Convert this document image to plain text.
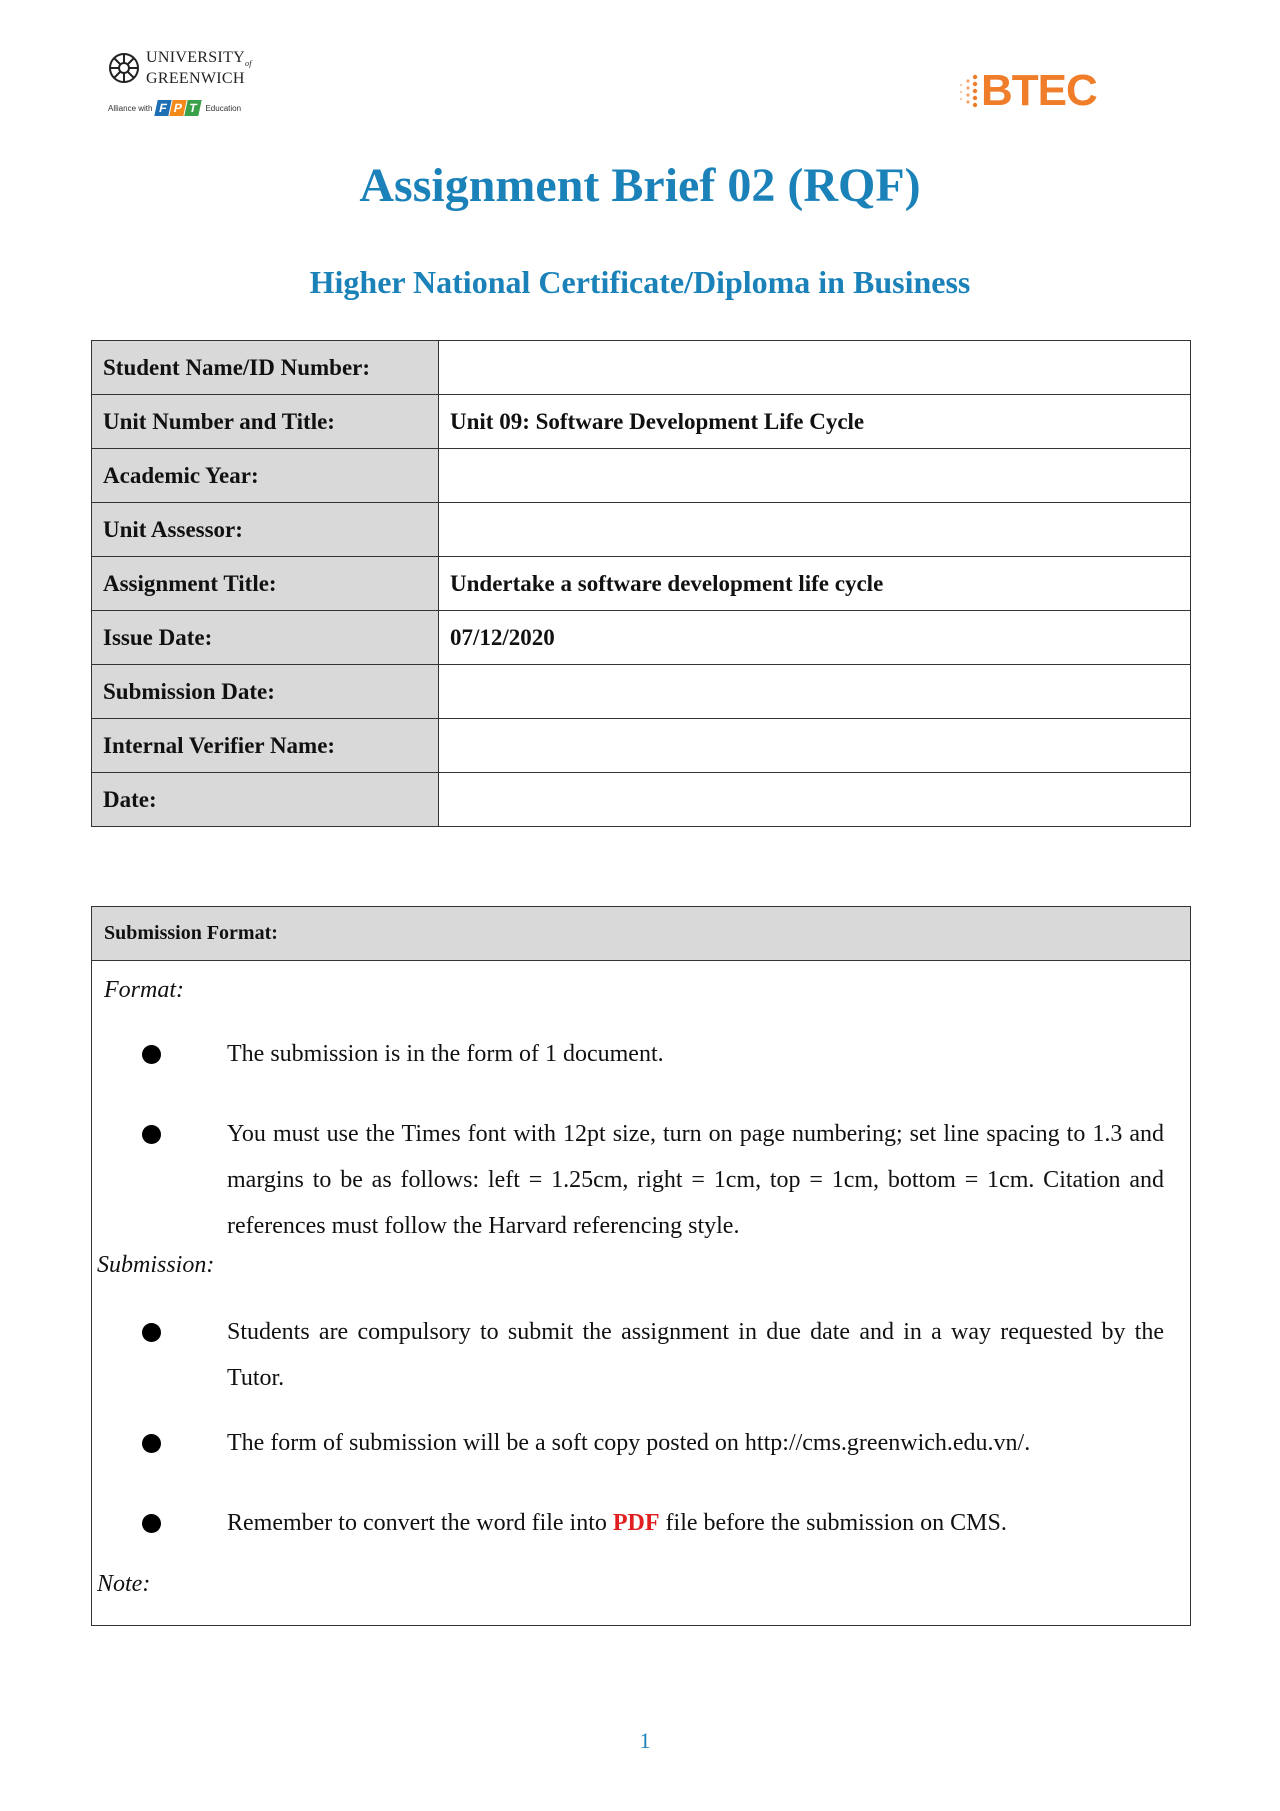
$UNIVERSITY_{of}$
GREENWICH
Alliance with F P T Education	BTEC
Assignment Brief 02 (RQF)
Higher National Certificate/Diploma in Business
Student Name/ID Number:	
Unit Number and Title:	Unit 09: Software Development Life Cycle
Academic Year:	
Unit Assessor:	
Assignment Title:	Undertake a software development life cycle
Issue Date:	07/12/2020
Submission Date:	
Internal Verifier Name:	
Date:	
Submission Format:
Format:
The submission is in the form of 1 document.
You must use the Times font with 12pt size, turn on page numbering; set line spacing to 1.3 and margins to be as follows: left = 1.25cm, right = 1cm, top = 1cm, bottom = 1cm. Citation and references must follow the Harvard referencing style.
Submission:
Students are compulsory to submit the assignment in due date and in a way requested by the Tutor.
The form of submission will be a soft copy posted on http://cms.greenwich.edu.vn/.
Remember to convert the word file into PDF file before the submission on CMS.
Note:
1
